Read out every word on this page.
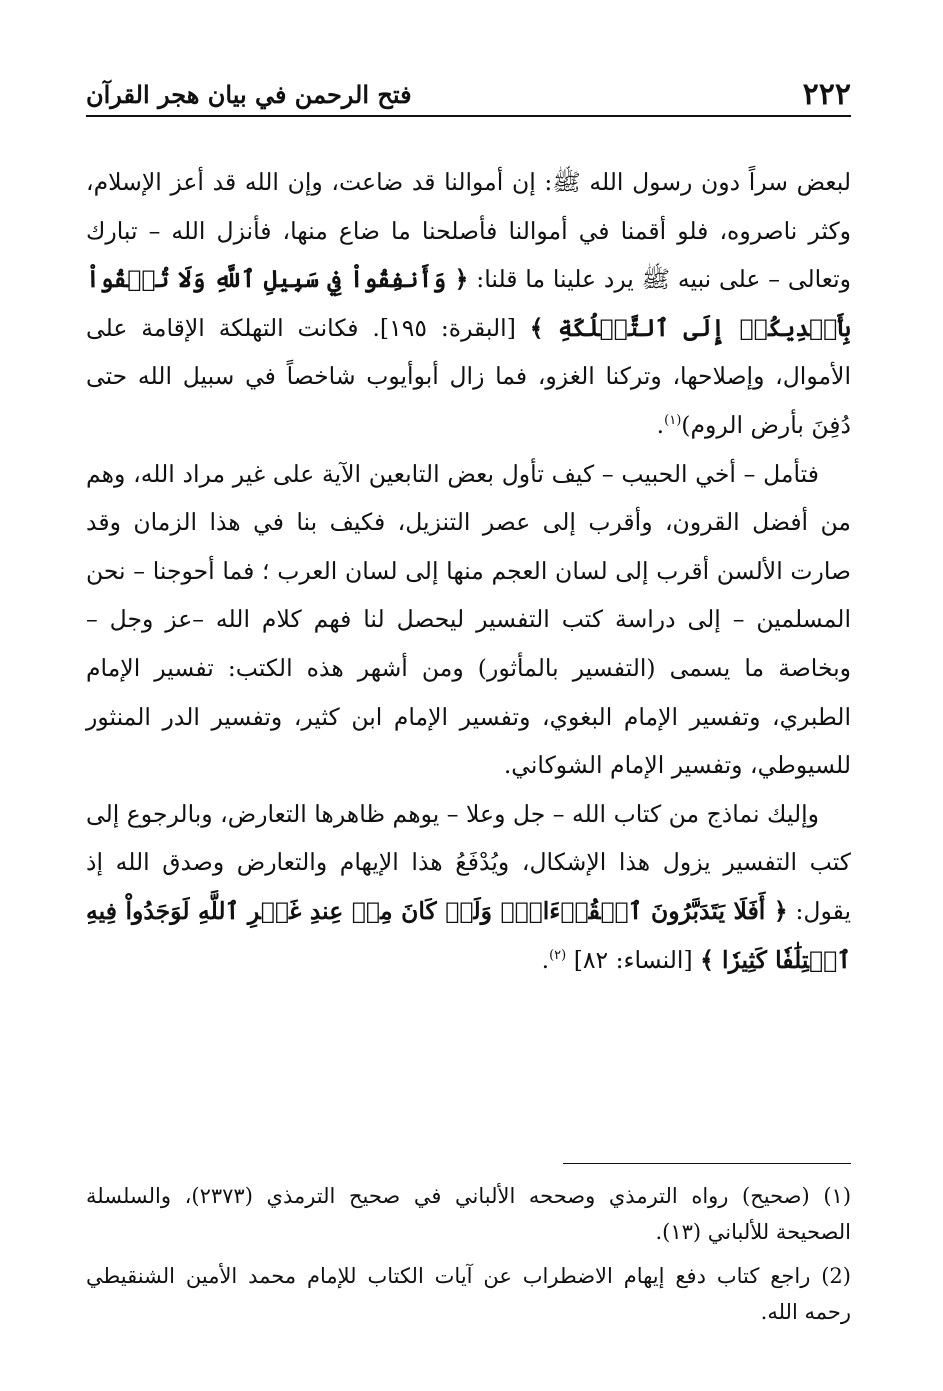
٢٢٢
فتح الرحمن في بيان هجر القرآن

لبعض سراً دون رسول الله ﷺ: إن أموالنا قد ضاعت، وإن الله قد أعز الإسلام، وكثر ناصروه، فلو أقمنا في أموالنا فأصلحنا ما ضاع منها، فأنزل الله – تبارك وتعالى – على نبيه ﷺ يرد علينا ما قلنا: ﴿ وَأَنفِقُواْ فِي سَبِيلِ ٱللَّهِ وَلَا تُلۡقُواْ بِأَيۡدِيكُمۡ إِلَى ٱلتَّهۡلُكَةِ ﴾ [البقرة: ١٩٥]. فكانت التهلكة الإقامة على الأموال، وإصلاحها، وتركنا الغزو، فما زال أبوأيوب شاخصاً في سبيل الله حتى دُفِنَ بأرض الروم)$^{(١)}$.

فتأمل – أخي الحبيب – كيف تأول بعض التابعين الآية على غير مراد الله، وهم من أفضل القرون، وأقرب إلى عصر التنزيل، فكيف بنا في هذا الزمان وقد صارت الألسن أقرب إلى لسان العجم منها إلى لسان العرب ؛ فما أحوجنا – نحن المسلمين – إلى دراسة كتب التفسير ليحصل لنا فهم كلام الله –عز وجل – وبخاصة ما يسمى (التفسير بالمأثور) ومن أشهر هذه الكتب: تفسير الإمام الطبري، وتفسير الإمام البغوي، وتفسير الإمام ابن كثير، وتفسير الدر المنثور للسيوطي، وتفسير الإمام الشوكاني.

وإليك نماذج من كتاب الله – جل وعلا – يوهم ظاهرها التعارض، وبالرجوع إلى كتب التفسير يزول هذا الإشكال، ويُدْفَعُ هذا الإيهام والتعارض وصدق الله إذ يقول: ﴿ أَفَلَا يَتَدَبَّرُونَ ٱلۡقُرۡءَانَۚ وَلَوۡ كَانَ مِنۡ عِندِ غَيۡرِ ٱللَّهِ لَوَجَدُواْ فِيهِ ٱخۡتِلَٰفٗا كَثِيرٗا ﴾ [النساء: ٨٢] $^{(٢)}$.

(١) (صحيح) رواه الترمذي وصححه الألباني في صحيح الترمذي (٢٣٧٣)، والسلسلة الصحيحة للألباني (١٣).

(2) راجع كتاب دفع إيهام الاضطراب عن آيات الكتاب للإمام محمد الأمين الشنقيطي رحمه الله.
